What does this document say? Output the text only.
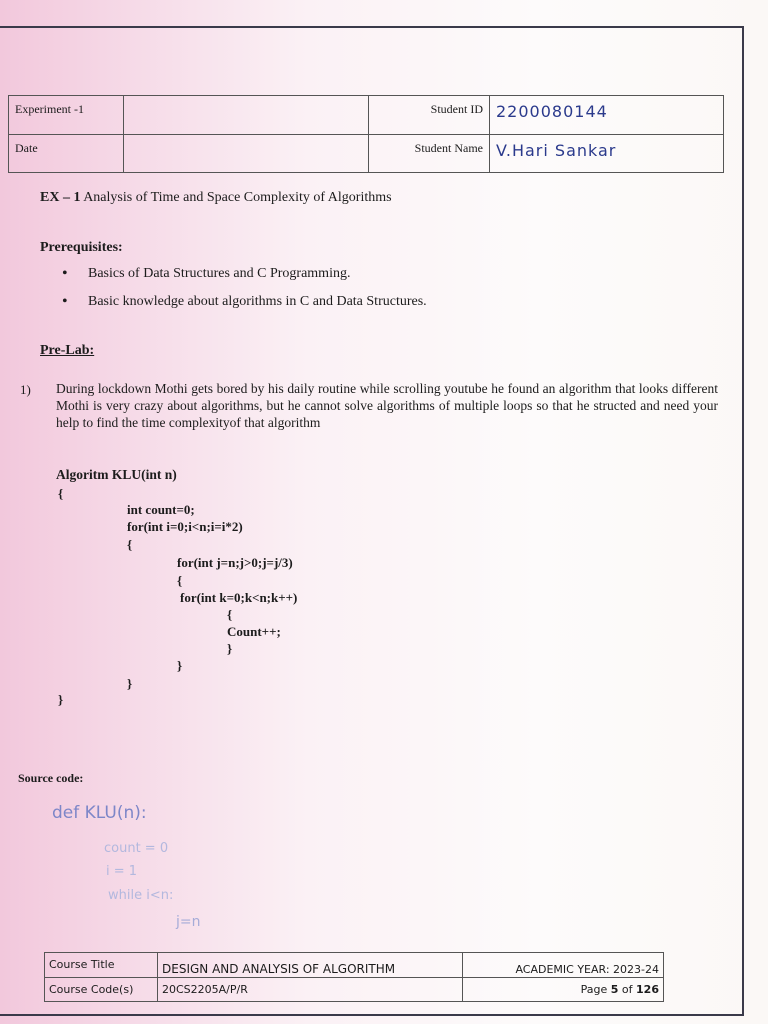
Experiment -1		Student ID	2200080144
Date		Student Name	V.Hari Sankar
EX – 1 Analysis of Time and Space Complexity of Algorithms
Prerequisites:
• Basics of Data Structures and C Programming.
• Basic knowledge about algorithms in C and Data Structures.
Pre-Lab:
1) During lockdown Mothi gets bored by his daily routine while scrolling youtube he found an algorithm that looks different Mothi is very crazy about algorithms, but he cannot solve algorithms of multiple loops so that he structed and need your help to find the time complexityof that algorithm
Algoritm KLU(int n)
{
int count=0;
for(int i=0;i<n;i=i*2)
{
for(int j=n;j>0;j=j/3)
{
for(int k=0;k<n;k++)
{
Count++;
}
}
}
}
Source code:
def KLU(n):
count = 0
i = 1
while i<n:
j=n
Course Title	DESIGN AND ANALYSIS OF ALGORITHM	ACADEMIC YEAR: 2023-24
Course Code(s)	20CS2205A/P/R	Page 5 of 126
